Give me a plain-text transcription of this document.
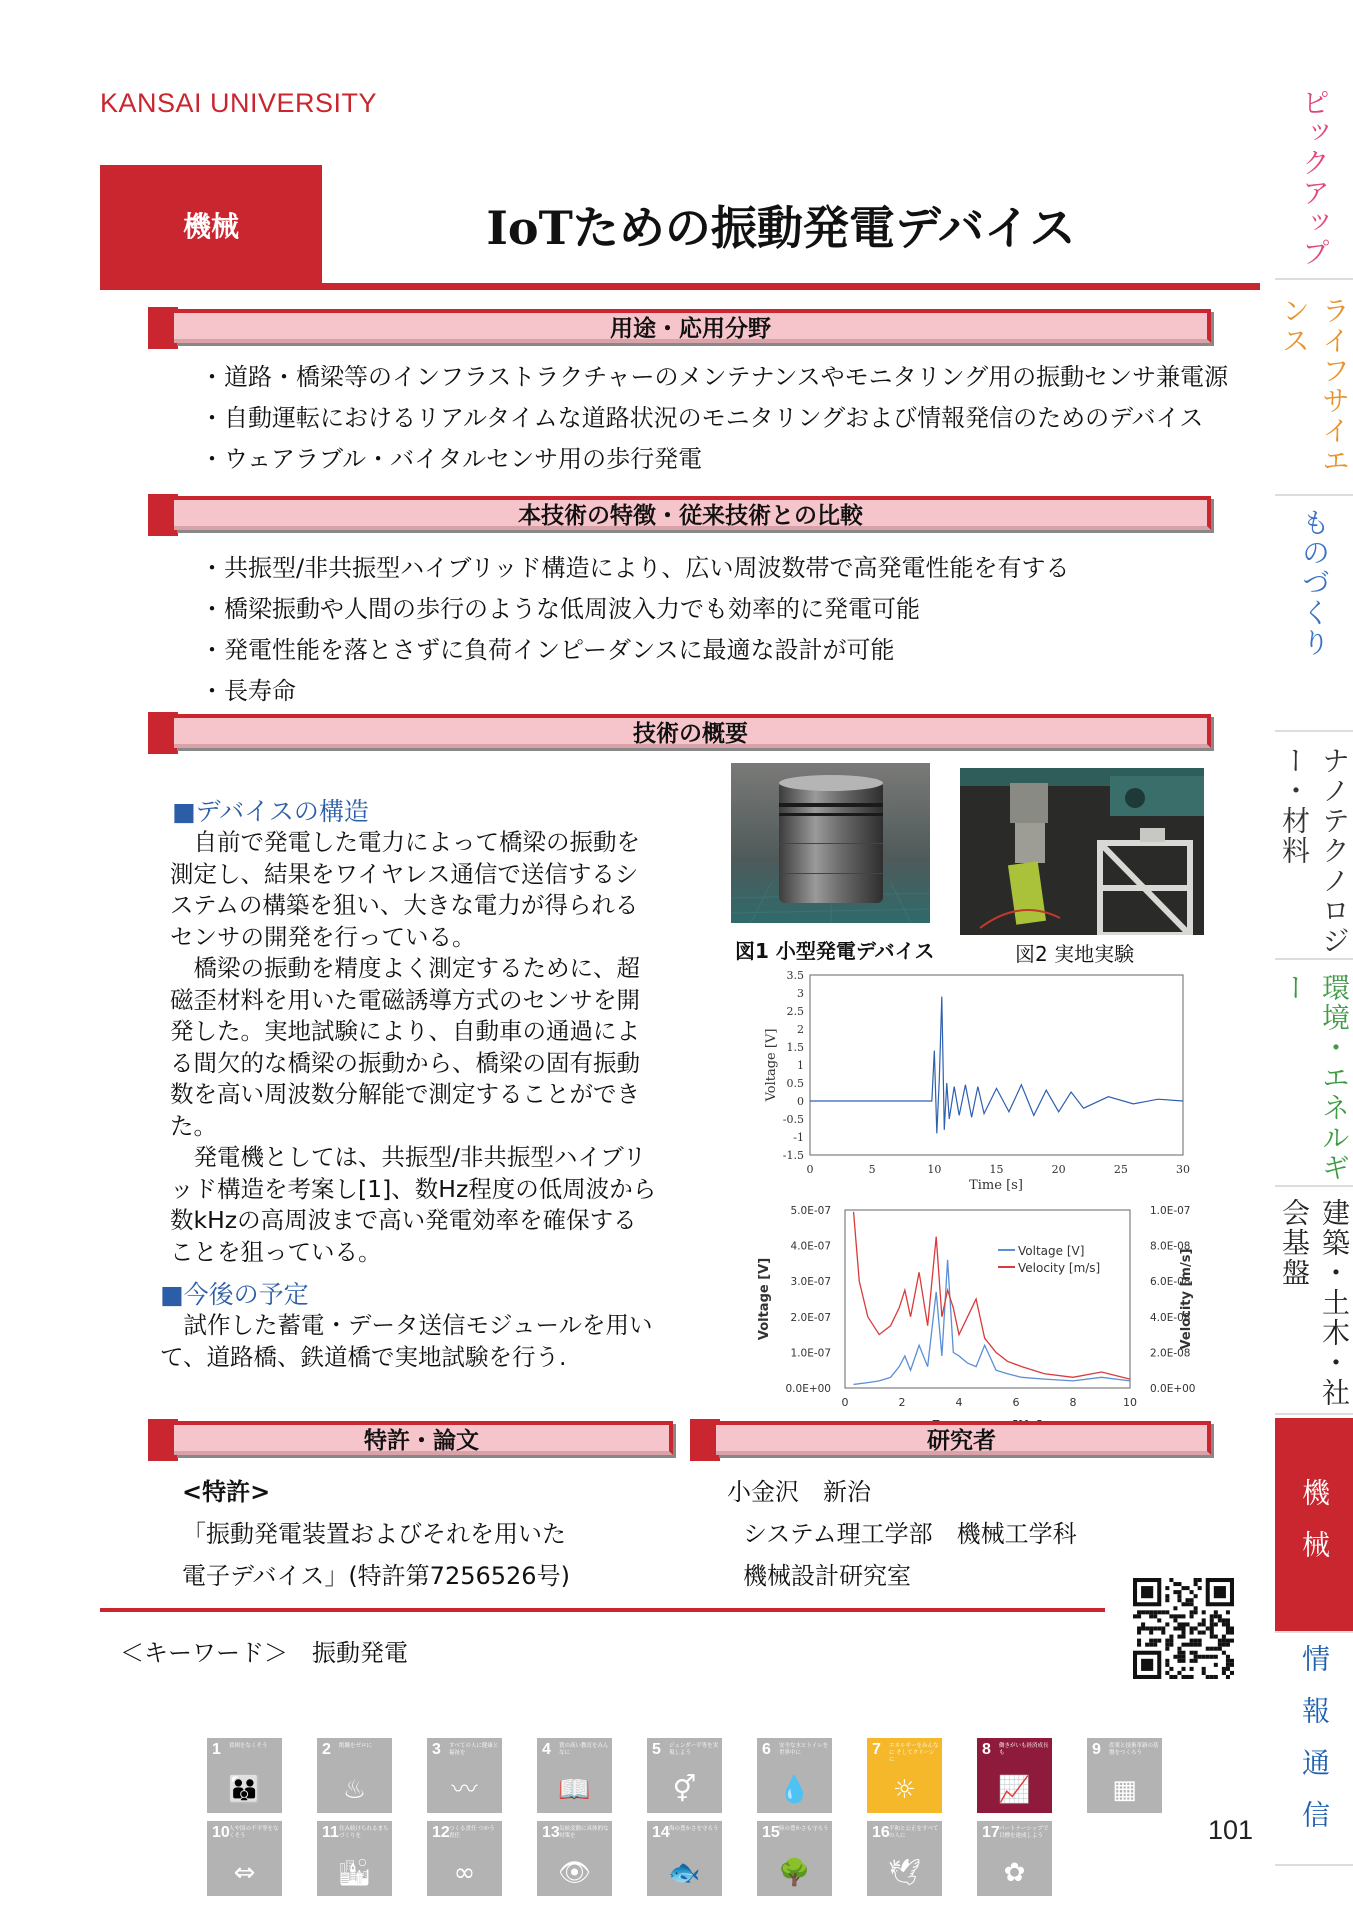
KANSAI UNIVERSITY
機械	IoTための振動発電デバイス
用途・応用分野
・道路・橋梁等のインフラストラクチャーのメンテナンスやモニタリング用の振動センサ兼電源
・自動運転におけるリアルタイムな道路状況のモニタリングおよび情報発信のためのデバイス
・ウェアラブル・バイタルセンサ用の歩行発電
本技術の特徴・従来技術との比較
・共振型/非共振型ハイブリッド構造により、広い周波数帯で高発電性能を有する
・橋梁振動や人間の歩行のような低周波入力でも効率的に発電可能
・発電性能を落とさずに負荷インピーダンスに最適な設計が可能
・長寿命
技術の概要
■デバイスの構造
　自前で発電した電力によって橋梁の振動を測定し、結果をワイヤレス通信で送信するシステムの構築を狙い、大きな電力が得られるセンサの開発を行っている。
　橋梁の振動を精度よく測定するために、超磁歪材料を用いた電磁誘導方式のセンサを開発した。実地試験により、自動車の通過による間欠的な橋梁の振動から、橋梁の固有振動数を高い周波数分解能で測定することができた。
　発電機としては、共振型/非共振型ハイブリッド構造を考案し[1]、数Hz程度の低周波から数kHzの高周波まで高い発電効率を確保することを狙っている。
■今後の予定
　試作した蓄電・データ送信モジュールを用いて、道路橋、鉄道橋で実地試験を行う.
図1 小型発電デバイス	図2 実地実験
3.5
3
2.5
2
1.5
1
0.5
0
-0.5
-1
-1.5
0	5	10	15	20	25	30
Voltage [V]
Time [s]
5.0E-07
4.0E-07
3.0E-07
2.0E-07
1.0E-07
0.0E+00
1.0E-07
8.0E-08
6.0E-08
4.0E-08
2.0E-08
0.0E+00
0	2	4	6	8	10
Voltage [V]
Velocity [m/s]
Voltage [V]	Velocity [m/s]
特許・論文
<特許>
「振動発電装置およびそれを用いた
電子デバイス」(特許第7256526号)
研究者
小金沢　新治
システム理工学部　機械工学科
機械設計研究室
＜キーワード＞　振動発電
1 貧困をなくそう
👪
2 飢餓をゼロに
♨
3 すべての人に健康と福祉を
〰
4 質の高い教育をみんなに
📖
5 ジェンダー平等を実現しよう
⚥
6 安全な水とトイレを世界中に
💧
7 エネルギーをみんなに そしてクリーンに
☼
8 働きがいも経済成長も
📈
9 産業と技術革新の基盤をつくろう
▦
10 人や国の不平等をなくそう
⇔
11 住み続けられるまちづくりを
🏙
12 つくる責任 つかう責任
∞
13 気候変動に具体的な対策を
👁
14 海の豊かさを守ろう
🐟
15 陸の豊かさも守ろう
🌳
16 平和と公正をすべての人に
🕊
17 パートナーシップで目標を達成しよう
✿
101
ピックアップ
ライフサイエンス
ものづくり
ナノテクノロジー・材料
環境・エネルギー
建築・土木・社会基盤
機械
情報通信
